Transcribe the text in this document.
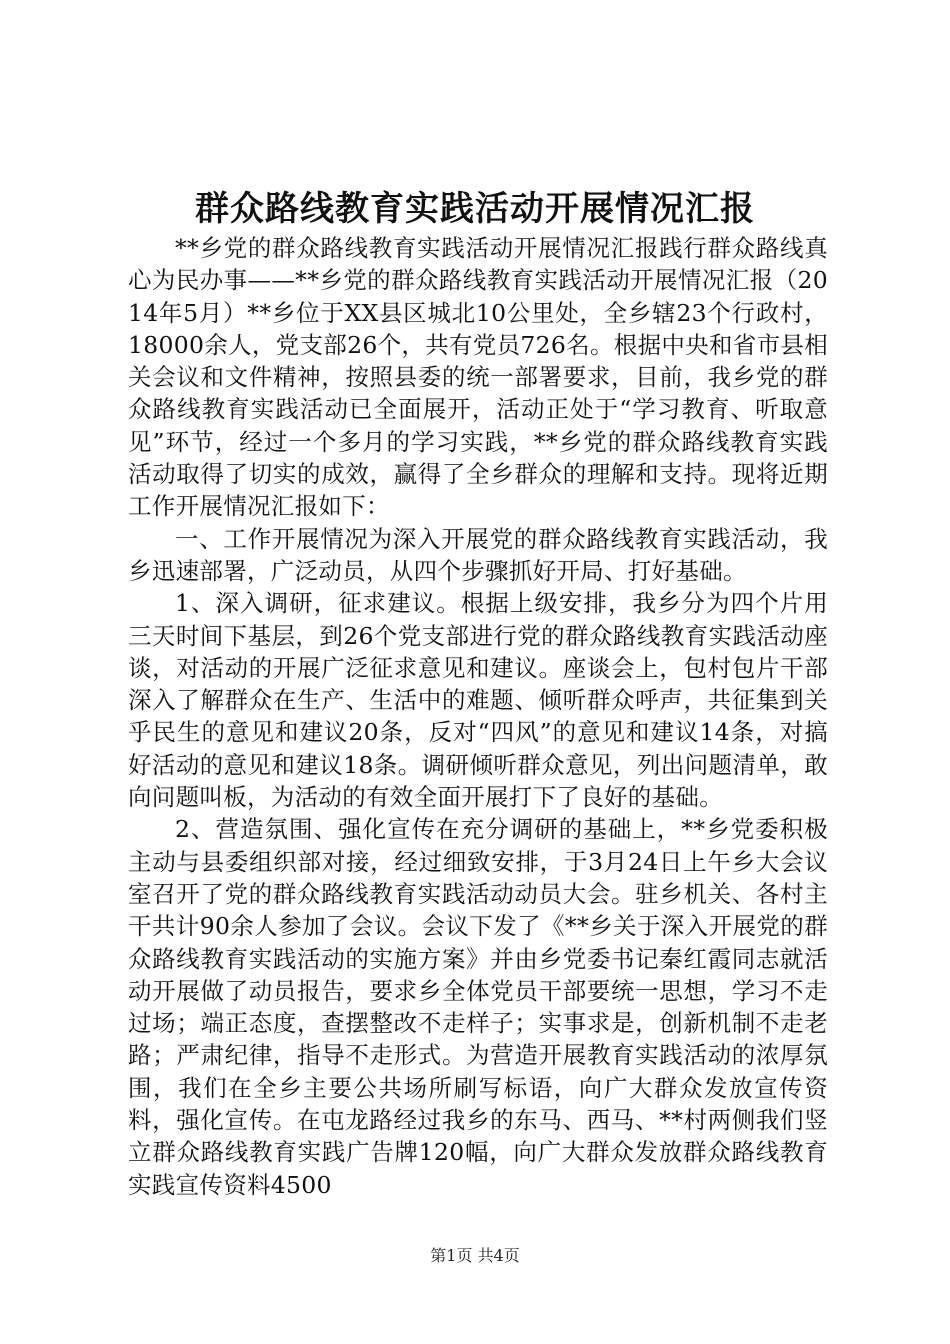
群众路线教育实践活动开展情况汇报

**乡党的群众路线教育实践活动开展情况汇报践行群众路线真心为民办事——**乡党的群众路线教育实践活动开展情况汇报（2014年5月）**乡位于XX县区城北10公里处，全乡辖23个行政村，18000余人，党支部26个，共有党员726名。根据中央和省市县相关会议和文件精神，按照县委的统一部署要求，目前，我乡党的群众路线教育实践活动已全面展开，活动正处于“学习教育、听取意见”环节，经过一个多月的学习实践，**乡党的群众路线教育实践活动取得了切实的成效，赢得了全乡群众的理解和支持。现将近期工作开展情况汇报如下：

一、工作开展情况为深入开展党的群众路线教育实践活动，我乡迅速部署，广泛动员，从四个步骤抓好开局、打好基础。

1、深入调研，征求建议。根据上级安排，我乡分为四个片用三天时间下基层，到26个党支部进行党的群众路线教育实践活动座谈，对活动的开展广泛征求意见和建议。座谈会上，包村包片干部深入了解群众在生产、生活中的难题、倾听群众呼声，共征集到关乎民生的意见和建议20条，反对“四风”的意见和建议14条，对搞好活动的意见和建议18条。调研倾听群众意见，列出问题清单，敢向问题叫板，为活动的有效全面开展打下了良好的基础。

2、营造氛围、强化宣传在充分调研的基础上，**乡党委积极主动与县委组织部对接，经过细致安排，于3月24日上午乡大会议室召开了党的群众路线教育实践活动动员大会。驻乡机关、各村主干共计90余人参加了会议。会议下发了《**乡关于深入开展党的群众路线教育实践活动的实施方案》并由乡党委书记秦红霞同志就活动开展做了动员报告，要求乡全体党员干部要统一思想，学习不走过场；端正态度，查摆整改不走样子；实事求是，创新机制不走老路；严肃纪律，指导不走形式。为营造开展教育实践活动的浓厚氛围，我们在全乡主要公共场所刷写标语，向广大群众发放宣传资料，强化宣传。在屯龙路经过我乡的东马、西马、**村两侧我们竖立群众路线教育实践广告牌120幅，向广大群众发放群众路线教育实践宣传资料4500

第1页 共4页
